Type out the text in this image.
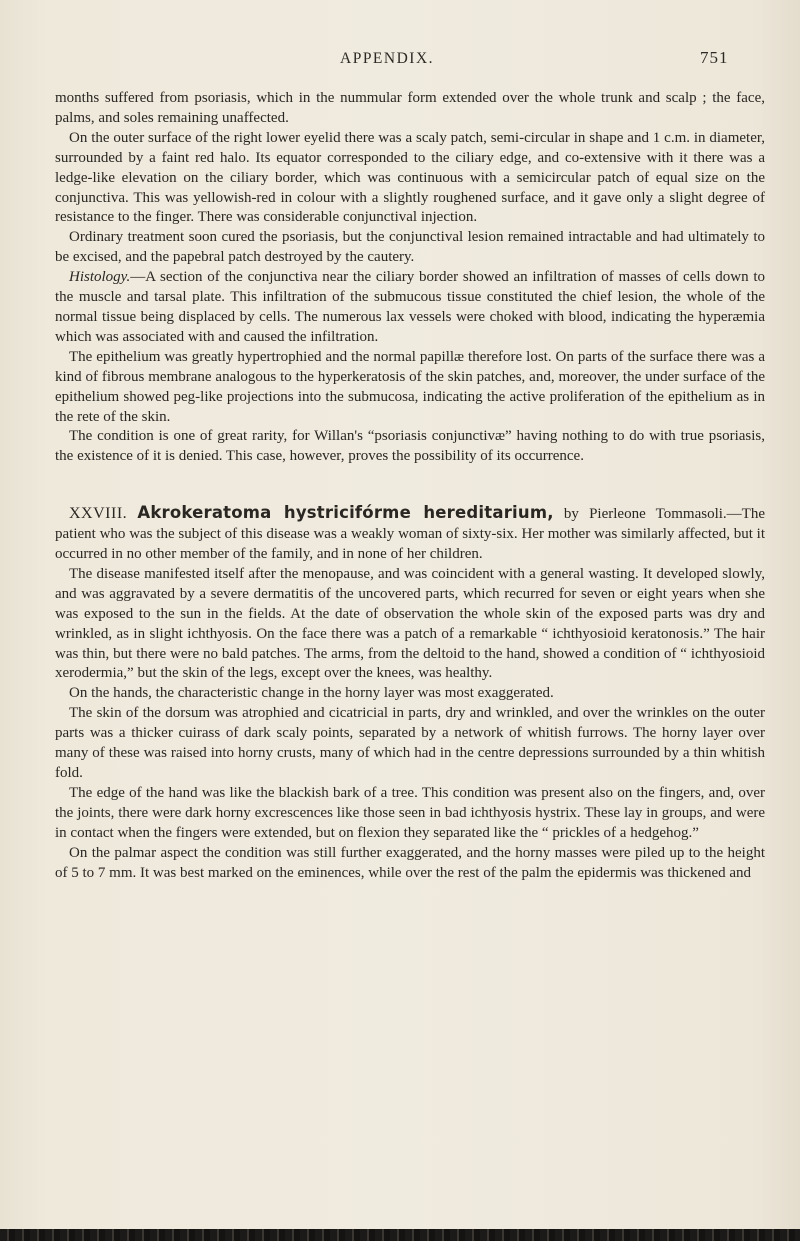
APPENDIX.	751

months suffered from psoriasis, which in the nummular form extended over the whole trunk and scalp ; the face, palms, and soles remaining unaffected.

On the outer surface of the right lower eyelid there was a scaly patch, semi-circular in shape and 1 c.m. in diameter, surrounded by a faint red halo. Its equator corresponded to the ciliary edge, and co-extensive with it there was a ledge-like elevation on the ciliary border, which was continuous with a semicircular patch of equal size on the conjunctiva. This was yellowish-red in colour with a slightly roughened surface, and it gave only a slight degree of resistance to the finger. There was considerable conjunctival injection.

Ordinary treatment soon cured the psoriasis, but the conjunctival lesion remained intractable and had ultimately to be excised, and the papebral patch destroyed by the cautery.

Histology.—A section of the conjunctiva near the ciliary border showed an infiltration of masses of cells down to the muscle and tarsal plate. This infiltration of the submucous tissue constituted the chief lesion, the whole of the normal tissue being displaced by cells. The numerous lax vessels were choked with blood, indicating the hyperæmia which was associated with and caused the infiltration.

The epithelium was greatly hypertrophied and the normal papillæ therefore lost. On parts of the surface there was a kind of fibrous membrane analogous to the hyperkeratosis of the skin patches, and, moreover, the under surface of the epithelium showed peg-like projections into the submucosa, indicating the active proliferation of the epithelium as in the rete of the skin.

The condition is one of great rarity, for Willan's “psoriasis conjunctivæ” having nothing to do with true psoriasis, the existence of it is denied. This case, however, proves the possibility of its occurrence.

XXVIII. Akrokeratoma hystricifórme hereditarium, by Pierleone Tommasoli.—The patient who was the subject of this disease was a weakly woman of sixty-six. Her mother was similarly affected, but it occurred in no other member of the family, and in none of her children.

The disease manifested itself after the menopause, and was coincident with a general wasting. It developed slowly, and was aggravated by a severe dermatitis of the uncovered parts, which recurred for seven or eight years when she was exposed to the sun in the fields. At the date of observation the whole skin of the exposed parts was dry and wrinkled, as in slight ichthyosis. On the face there was a patch of a remarkable “ ichthyosioid keratonosis.” The hair was thin, but there were no bald patches. The arms, from the deltoid to the hand, showed a condition of “ ichthyosioid xerodermia,” but the skin of the legs, except over the knees, was healthy.

On the hands, the characteristic change in the horny layer was most exaggerated.

The skin of the dorsum was atrophied and cicatricial in parts, dry and wrinkled, and over the wrinkles on the outer parts was a thicker cuirass of dark scaly points, separated by a network of whitish furrows. The horny layer over many of these was raised into horny crusts, many of which had in the centre depressions surrounded by a thin whitish fold.

The edge of the hand was like the blackish bark of a tree. This condition was present also on the fingers, and, over the joints, there were dark horny excrescences like those seen in bad ichthyosis hystrix. These lay in groups, and were in contact when the fingers were extended, but on flexion they separated like the “ prickles of a hedgehog.”

On the palmar aspect the condition was still further exaggerated, and the horny masses were piled up to the height of 5 to 7 mm. It was best marked on the eminences, while over the rest of the palm the epidermis was thickened and
